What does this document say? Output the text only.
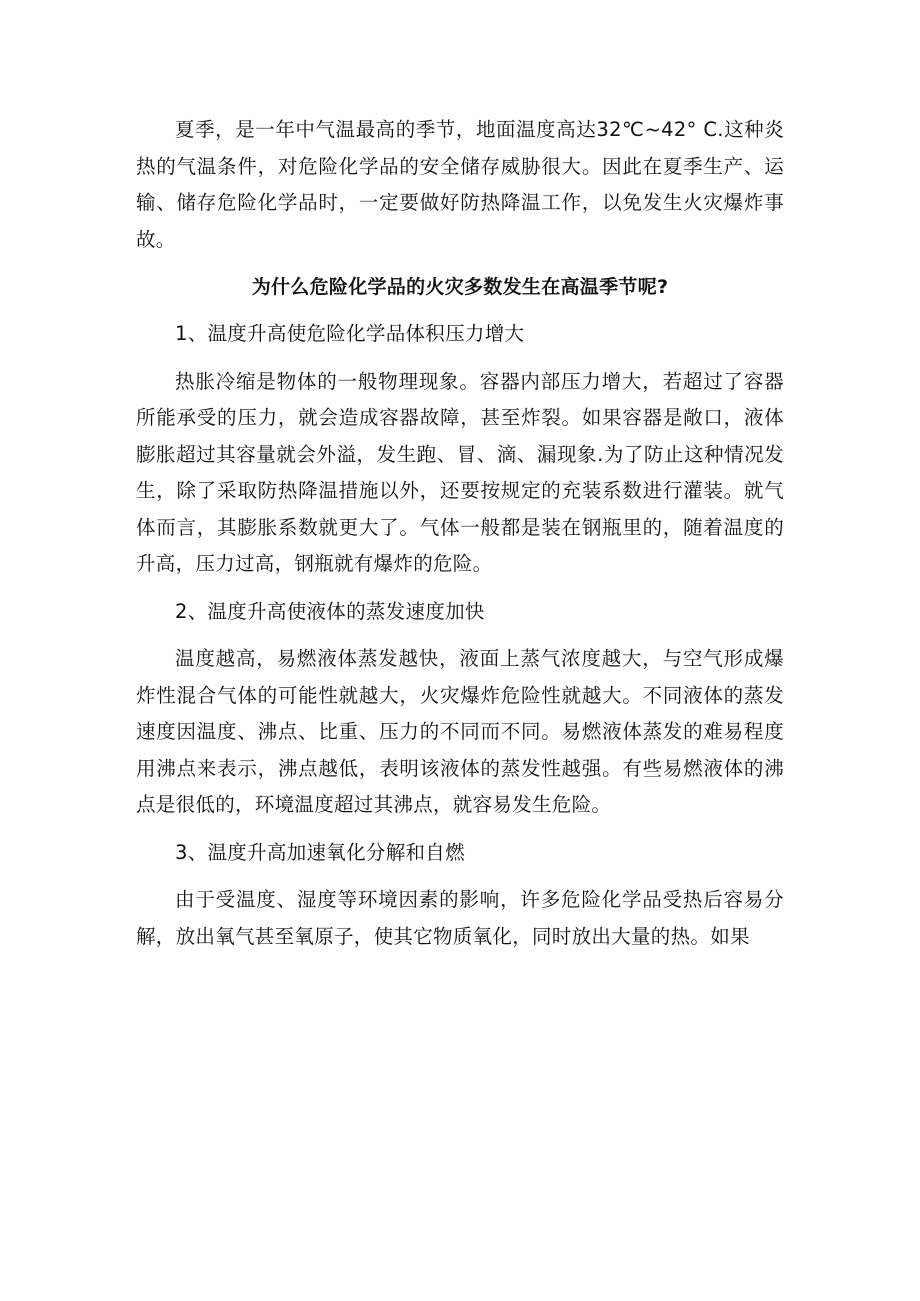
夏季，是一年中气温最高的季节，地面温度高达32℃~42° C.这种炎热的气温条件，对危险化学品的安全储存威胁很大。因此在夏季生产、运输、储存危险化学品时，一定要做好防热降温工作，以免发生火灾爆炸事故。

为什么危险化学品的火灾多数发生在高温季节呢?

1、温度升高使危险化学品体积压力增大

热胀冷缩是物体的一般物理现象。容器内部压力增大，若超过了容器所能承受的压力，就会造成容器故障，甚至炸裂。如果容器是敞口，液体膨胀超过其容量就会外溢，发生跑、冒、滴、漏现象.为了防止这种情况发生，除了采取防热降温措施以外，还要按规定的充装系数进行灌装。就气体而言，其膨胀系数就更大了。气体一般都是装在钢瓶里的，随着温度的升高，压力过高，钢瓶就有爆炸的危险。

2、温度升高使液体的蒸发速度加快

温度越高，易燃液体蒸发越快，液面上蒸气浓度越大，与空气形成爆炸性混合气体的可能性就越大，火灾爆炸危险性就越大。不同液体的蒸发速度因温度、沸点、比重、压力的不同而不同。易燃液体蒸发的难易程度用沸点来表示，沸点越低，表明该液体的蒸发性越强。有些易燃液体的沸点是很低的，环境温度超过其沸点，就容易发生危险。

3、温度升高加速氧化分解和自燃

由于受温度、湿度等环境因素的影响，许多危险化学品受热后容易分解，放出氧气甚至氧原子，使其它物质氧化，同时放出大量的热。如果
